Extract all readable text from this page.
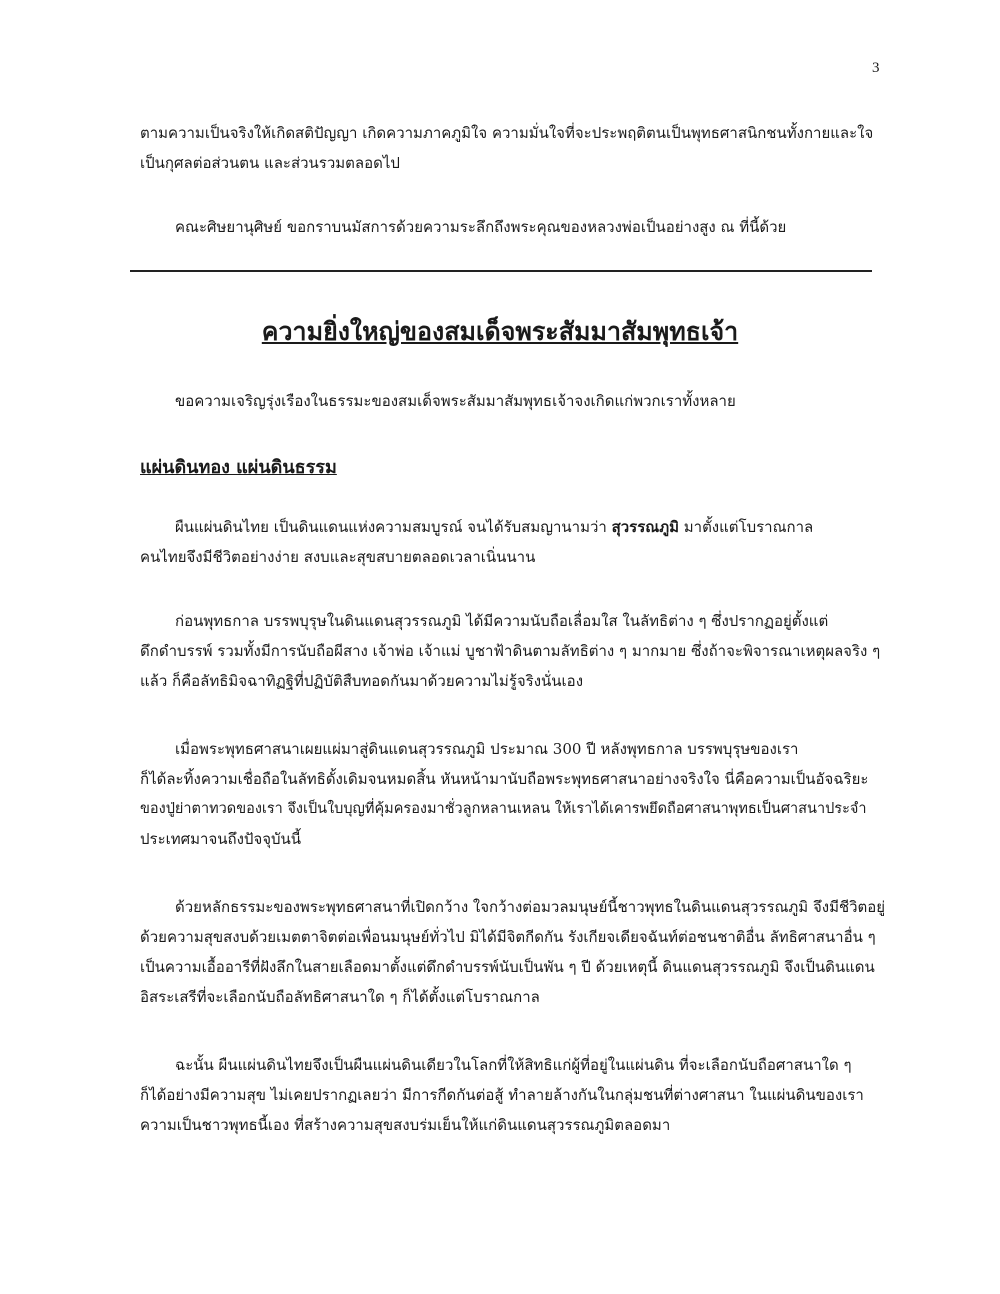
3

ตามความเป็นจริงให้เกิดสติปัญญา เกิดความภาคภูมิใจ ความมั่นใจที่จะประพฤติตนเป็นพุทธศาสนิกชนทั้งกายและใจ
เป็นกุศลต่อส่วนตน และส่วนรวมตลอดไป

คณะศิษยานุศิษย์ ขอกราบนมัสการด้วยความระลึกถึงพระคุณของหลวงพ่อเป็นอย่างสูง ณ ที่นี้ด้วย

ความยิ่งใหญ่ของสมเด็จพระสัมมาสัมพุทธเจ้า

ขอความเจริญรุ่งเรืองในธรรมะของสมเด็จพระสัมมาสัมพุทธเจ้าจงเกิดแก่พวกเราทั้งหลาย

แผ่นดินทอง แผ่นดินธรรม

ผืนแผ่นดินไทย เป็นดินแดนแห่งความสมบูรณ์ จนได้รับสมญานามว่า สุวรรณภูมิ มาตั้งแต่โบราณกาล
คนไทยจึงมีชีวิตอย่างง่าย สงบและสุขสบายตลอดเวลาเนิ่นนาน

ก่อนพุทธกาล บรรพบุรุษในดินแดนสุวรรณภูมิ ได้มีความนับถือเลื่อมใส ในลัทธิต่าง ๆ ซึ่งปรากฏอยู่ตั้งแต่
ดึกดำบรรพ์ รวมทั้งมีการนับถือผีสาง เจ้าพ่อ เจ้าแม่ บูชาฟ้าดินตามลัทธิต่าง ๆ มากมาย ซึ่งถ้าจะพิจารณาเหตุผลจริง ๆ
แล้ว ก็คือลัทธิมิจฉาทิฏฐิที่ปฏิบัติสืบทอดกันมาด้วยความไม่รู้จริงนั่นเอง

เมื่อพระพุทธศาสนาเผยแผ่มาสู่ดินแดนสุวรรณภูมิ ประมาณ 300 ปี หลังพุทธกาล บรรพบุรุษของเรา
ก็ได้ละทิ้งความเชื่อถือในลัทธิดั้งเดิมจนหมดสิ้น หันหน้ามานับถือพระพุทธศาสนาอย่างจริงใจ นี่คือความเป็นอัจฉริยะ
ของปู่ย่าตาทวดของเรา จึงเป็นใบบุญที่คุ้มครองมาชั่วลูกหลานเหลน ให้เราได้เคารพยึดถือศาสนาพุทธเป็นศาสนาประจำ
ประเทศมาจนถึงปัจจุบันนี้

ด้วยหลักธรรมะของพระพุทธศาสนาที่เปิดกว้าง ใจกว้างต่อมวลมนุษย์นี้ชาวพุทธในดินแดนสุวรรณภูมิ จึงมีชีวิตอยู่
ด้วยความสุขสงบด้วยเมตตาจิตต่อเพื่อนมนุษย์ทั่วไป มิได้มีจิตกีดกัน รังเกียจเดียจฉันท์ต่อชนชาติอื่น ลัทธิศาสนาอื่น ๆ
เป็นความเอื้ออารีที่ฝังลึกในสายเลือดมาตั้งแต่ดึกดำบรรพ์นับเป็นพัน ๆ ปี ด้วยเหตุนี้ ดินแดนสุวรรณภูมิ จึงเป็นดินแดน
อิสระเสรีที่จะเลือกนับถือลัทธิศาสนาใด ๆ ก็ได้ตั้งแต่โบราณกาล

ฉะนั้น ผืนแผ่นดินไทยจึงเป็นผืนแผ่นดินเดียวในโลกที่ให้สิทธิแก่ผู้ที่อยู่ในแผ่นดิน ที่จะเลือกนับถือศาสนาใด ๆ
ก็ได้อย่างมีความสุข ไม่เคยปรากฏเลยว่า มีการกีดกันต่อสู้ ทำลายล้างกันในกลุ่มชนที่ต่างศาสนา ในแผ่นดินของเรา
ความเป็นชาวพุทธนี้เอง ที่สร้างความสุขสงบร่มเย็นให้แก่ดินแดนสุวรรณภูมิตลอดมา
